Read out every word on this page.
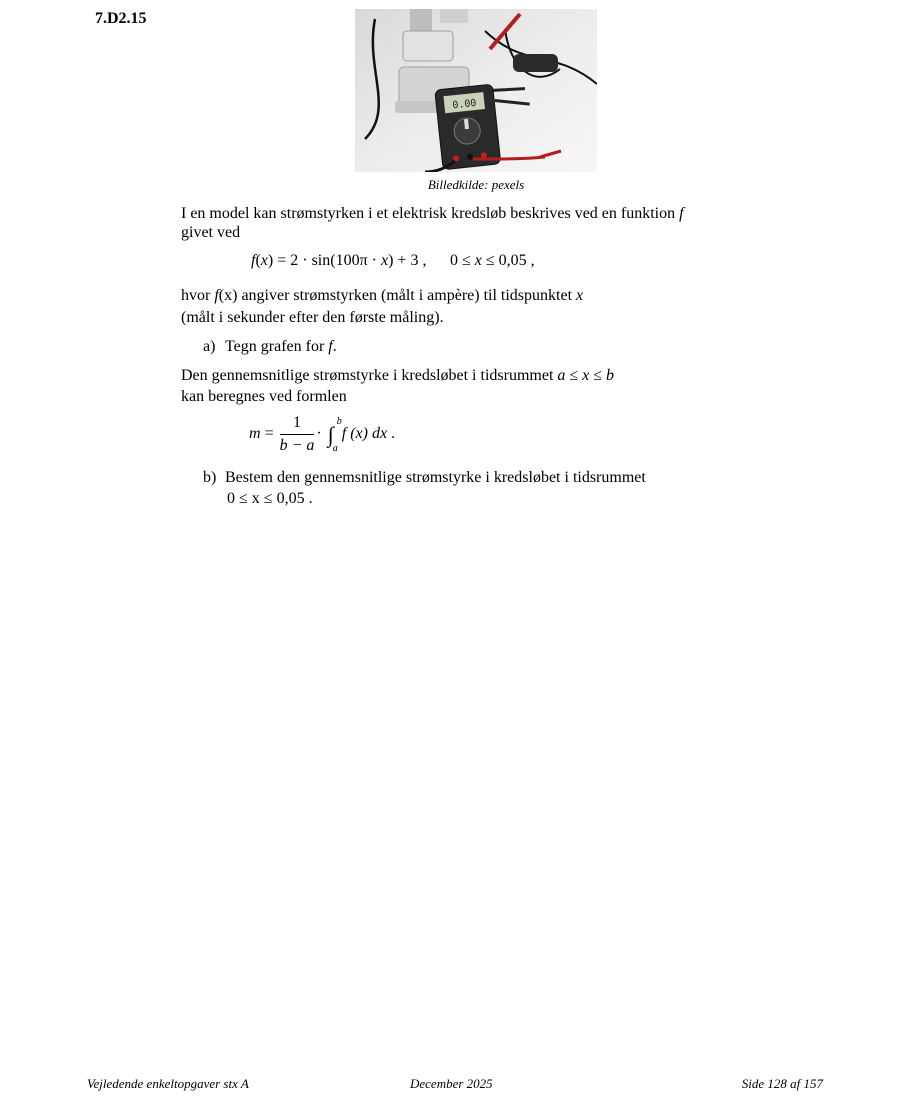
7.D2.15
0.00
Billedkilde: pexels
I en model kan strømstyrken i et elektrisk kredsløb beskrives ved en funktion f
givet ved
f(x) = 2 · sin(100π · x) + 3 , 0 ≤ x ≤ 0,05 ,
hvor f(x) angiver strømstyrken (målt i ampère) til tidspunktet x
(målt i sekunder efter den første måling).
a) Tegn grafen for f.
Den gennemsnitlige strømstyrke i kredsløbet i tidsrummet a ≤ x ≤ b
kan beregnes ved formlen
$m = \frac{1}{b - a}$ · ∫
b
a
f (x) dx .
b) Bestem den gennemsnitlige strømstyrke i kredsløbet i tidsrummet
0 ≤ x ≤ 0,05 .
Vejledende enkeltopgaver stx A	December 2025	Side 128 af 157
